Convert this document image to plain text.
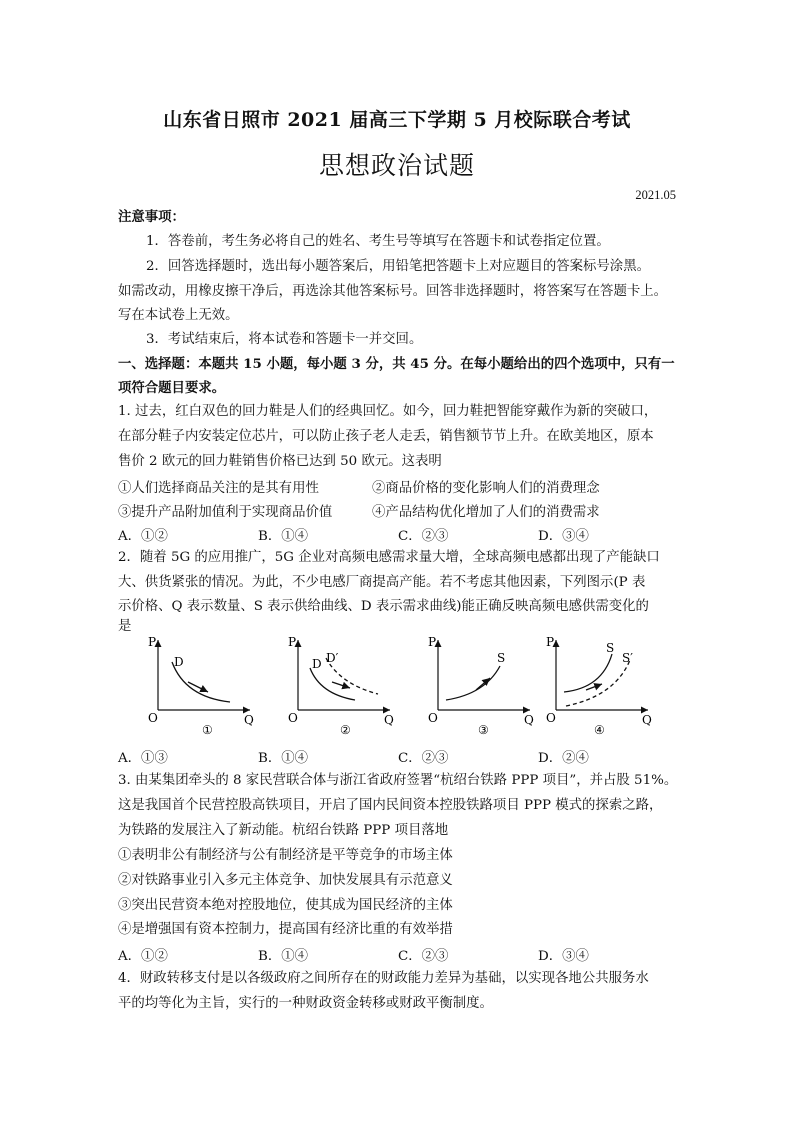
山东省日照市 2021 届高三下学期 5 月校际联合考试
思想政治试题
2021.05
注意事项：
1．答卷前，考生务必将自己的姓名、考生号等填写在答题卡和试卷指定位置。
2．回答选择题时，选出每小题答案后，用铅笔把答题卡上对应题目的答案标号涂黑。
如需改动，用橡皮擦干净后，再选涂其他答案标号。回答非选择题时，将答案写在答题卡上。
写在本试卷上无效。
3．考试结束后，将本试卷和答题卡一并交回。
一、选择题：本题共 15 小题，每小题 3 分，共 45 分。在每小题给出的四个选项中，只有一
项符合题目要求。
1. 过去，红白双色的回力鞋是人们的经典回忆。如今，回力鞋把智能穿戴作为新的突破口，
在部分鞋子内安装定位芯片，可以防止孩子老人走丢，销售额节节上升。在欧美地区，原本
售价 2 欧元的回力鞋销售价格已达到 50 欧元。这表明
①人们选择商品关注的是其有用性	②商品价格的变化影响人们的消费理念
③提升产品附加值利于实现商品价值	④产品结构优化增加了人们的消费需求
A．①②	B．①④	C．②③	D．③④
2．随着 5G 的应用推广，5G 企业对高频电感需求量大增，全球高频电感都出现了产能缺口
大、供货紧张的情况。为此，不少电感厂商提高产能。若不考虑其他因素，下列图示(P 表
示价格、Q 表示数量、S 表示供给曲线、D 表示需求曲线)能正确反映高频电感供需变化的
是
P
Q
O
D
①
P
Q
O
D D′
②
P
Q
O
S
③
P
Q
O
S
S′
④
A．①③	B．①④	C．②③	D．②④
3. 由某集团牵头的 8 家民营联合体与浙江省政府签署“杭绍台铁路 PPP 项目”，并占股 51%。
这是我国首个民营控股高铁项目，开启了国内民间资本控股铁路项目 PPP 模式的探索之路，
为铁路的发展注入了新动能。杭绍台铁路 PPP 项目落地
①表明非公有制经济与公有制经济是平等竞争的市场主体
②对铁路事业引入多元主体竞争、加快发展具有示范意义
③突出民营资本绝对控股地位，使其成为国民经济的主体
④是增强国有资本控制力，提高国有经济比重的有效举措
A．①②	B．①④	C．②③	D．③④
4．财政转移支付是以各级政府之间所存在的财政能力差异为基础，以实现各地公共服务水
平的均等化为主旨，实行的一种财政资金转移或财政平衡制度。
